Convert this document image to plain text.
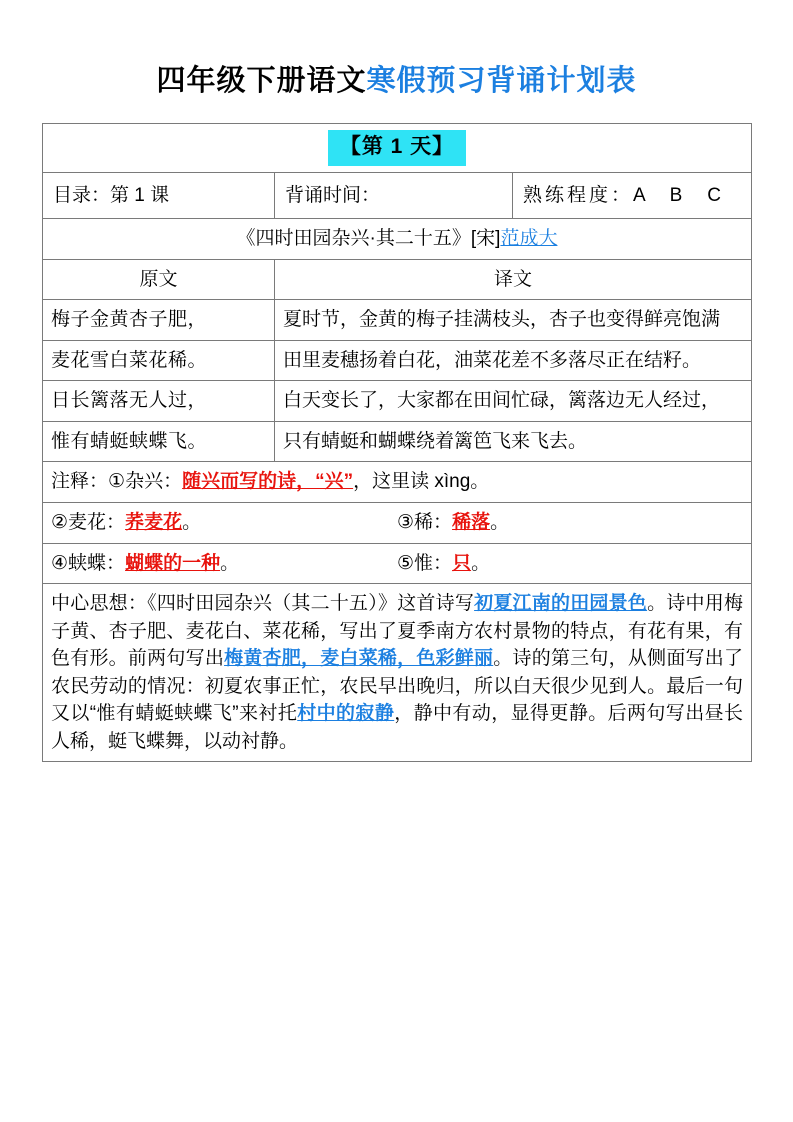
四年级下册语文寒假预习背诵计划表
【第 1 天】		
目录：第 1 课	背诵时间：	熟练程度：A　B　C
《四时田园杂兴·其二十五》[宋]范成大		
原文	译文	
梅子金黄杏子肥，	夏时节，金黄的梅子挂满枝头，杏子也变得鲜亮饱满	
麦花雪白菜花稀。	田里麦穗扬着白花，油菜花差不多落尽正在结籽。	
日长篱落无人过，	白天变长了，大家都在田间忙碌，篱落边无人经过，	
惟有蜻蜓蛱蝶飞。	只有蜻蜓和蝴蝶绕着篱笆飞来飞去。	
注释：①杂兴：随兴而写的诗，“兴”，这里读 xìng。		

②麦花：荞麦花。 ③稀：稀落。		

④蛱蝶：蝴蝶的一种。 ⑤惟：只。		

中心思想：《四时田园杂兴（其二十五）》这首诗写初夏江南的田园景色。诗中用梅子黄、杏子肥、麦花白、菜花稀，写出了夏季南方农村景物的特点，有花有果，有色有形。前两句写出梅黄杏肥，麦白菜稀，色彩鲜丽。诗的第三句，从侧面写出了农民劳动的情况：初夏农事正忙，农民早出晚归，所以白天很少见到人。最后一句又以“惟有蜻蜓蛱蝶飞”来衬托村中的寂静，静中有动，显得更静。后两句写出昼长人稀，蜓飞蝶舞，以动衬静。		
